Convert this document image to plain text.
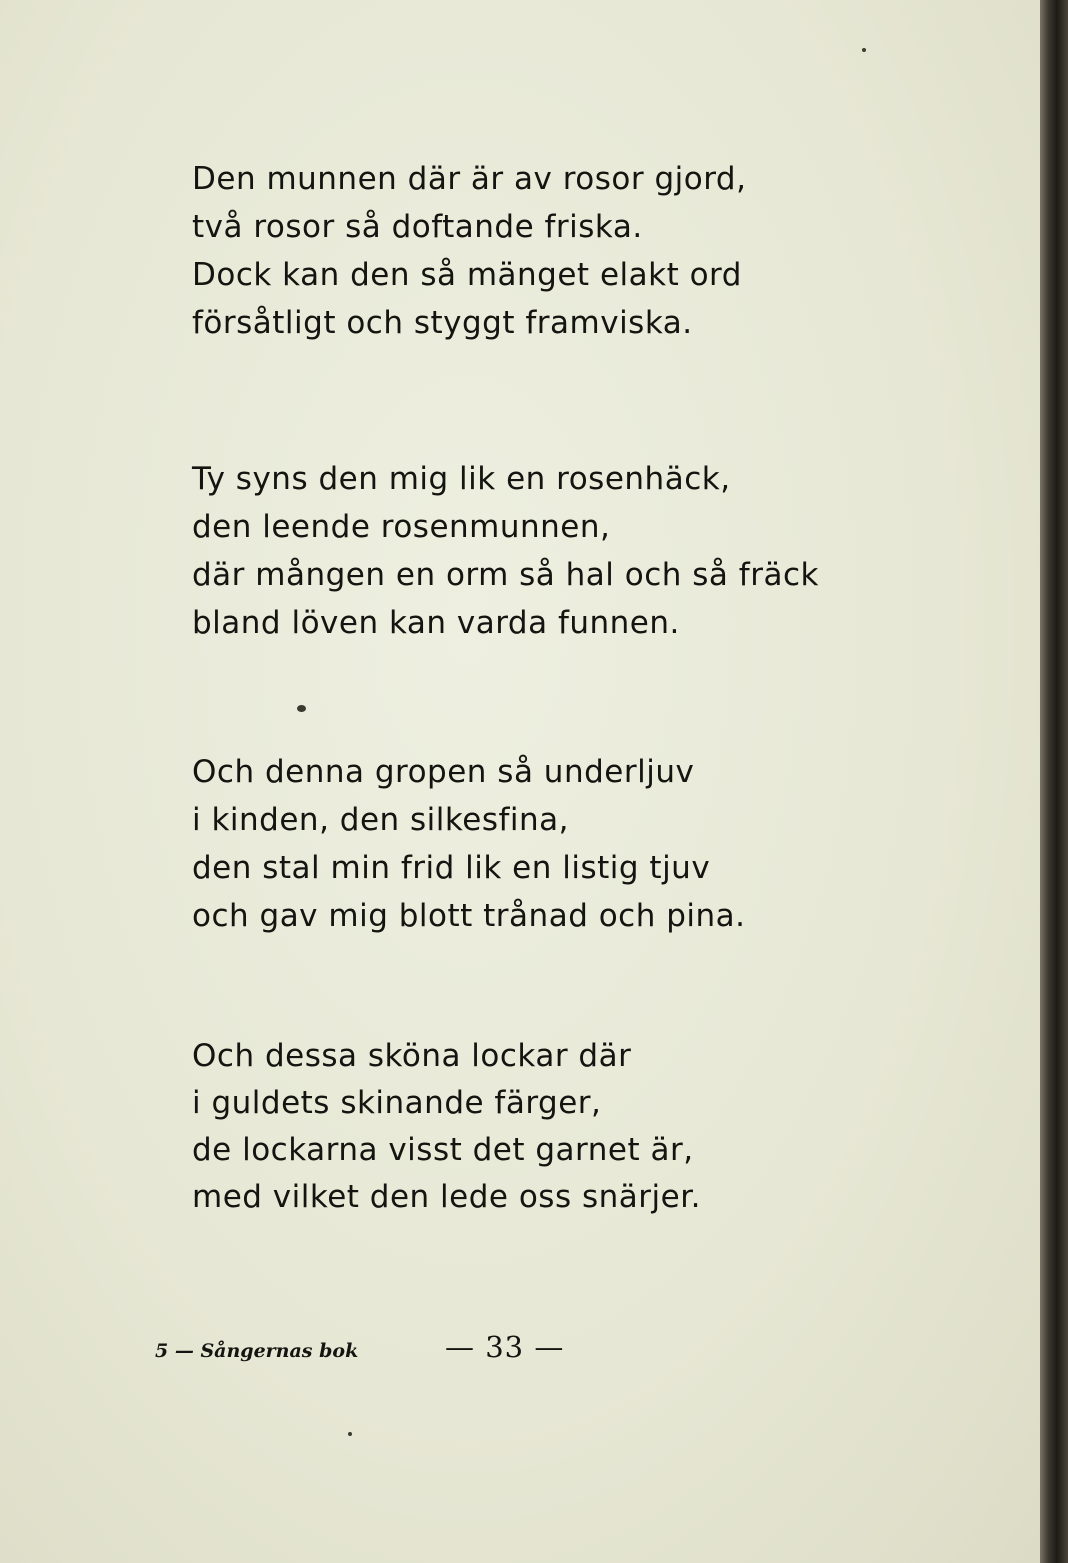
Den munnen där är av rosor gjord,
två rosor så doftande friska.
Dock kan den så mänget elakt ord
försåtligt och styggt framviska.
Ty syns den mig lik en rosenhäck,
den leende rosenmunnen,
där mången en orm så hal och så fräck
bland löven kan varda funnen.
Och denna gropen så underljuv
i kinden, den silkesfina,
den stal min frid lik en listig tjuv
och gav mig blott trånad och pina.
Och dessa sköna lockar där
i guldets skinande färger,
de lockarna visst det garnet är,
med vilket den lede oss snärjer.
5 — Sångernas bok	— 33 —
